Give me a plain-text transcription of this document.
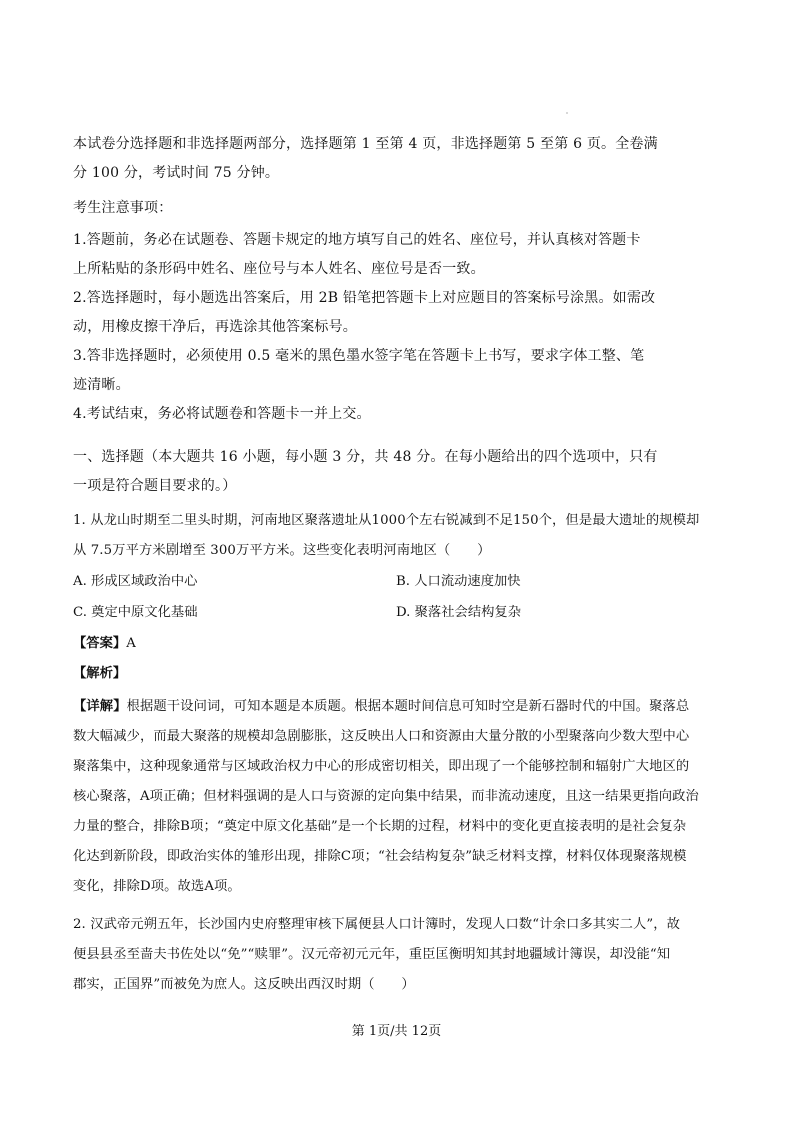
本试卷分选择题和非选择题两部分，选择题第 1 至第 4 页，非选择题第 5 至第 6 页。全卷满

分 100 分，考试时间 75 分钟。

考生注意事项：

1.答题前，务必在试题卷、答题卡规定的地方填写自己的姓名、座位号，并认真核对答题卡

上所粘贴的条形码中姓名、座位号与本人姓名、座位号是否一致。

2.答选择题时，每小题选出答案后，用 2B 铅笔把答题卡上对应题目的答案标号涂黑。如需改

动，用橡皮擦干净后，再选涂其他答案标号。

3.答非选择题时，必须使用 0.5 毫米的黑色墨水签字笔在答题卡上书写，要求字体工整、笔

迹清晰。

4.考试结束，务必将试题卷和答题卡一并上交。

一、选择题（本大题共 16 小题，每小题 3 分，共 48 分。在每小题给出的四个选项中，只有

一项是符合题目要求的。）

1. 从龙山时期至二里头时期，河南地区聚落遗址从1000个左右锐减到不足150个，但是最大遗址的规模却

从 7.5万平方米剧增至 300万平方米。这些变化表明河南地区（　　）

A. 形成区域政治中心	B. 人口流动速度加快
C. 奠定中原文化基础	D. 聚落社会结构复杂
【答案】A
【解析】

【详解】根据题干设问词，可知本题是本质题。根据本题时间信息可知时空是新石器时代的中国。聚落总

数大幅减少，而最大聚落的规模却急剧膨胀，这反映出人口和资源由大量分散的小型聚落向少数大型中心

聚落集中，这种现象通常与区域政治权力中心的形成密切相关，即出现了一个能够控制和辐射广大地区的

核心聚落，A项正确；但材料强调的是人口与资源的定向集中结果，而非流动速度，且这一结果更指向政治

力量的整合，排除B项；“奠定中原文化基础”是一个长期的过程，材料中的变化更直接表明的是社会复杂

化达到新阶段，即政治实体的雏形出现，排除C项；“社会结构复杂”缺乏材料支撑，材料仅体现聚落规模

变化，排除D项。故选A项。

2. 汉武帝元朔五年，长沙国内史府整理审核下属便县人口计簿时，发现人口数“计余口多其实二人”，故

便县县丞至啬夫书佐处以“免”“赎罪”。汉元帝初元元年，重臣匡衡明知其封地疆域计簿误，却没能“知

郡实，正国界”而被免为庶人。这反映出西汉时期（　　）

第 1页/共 12页
